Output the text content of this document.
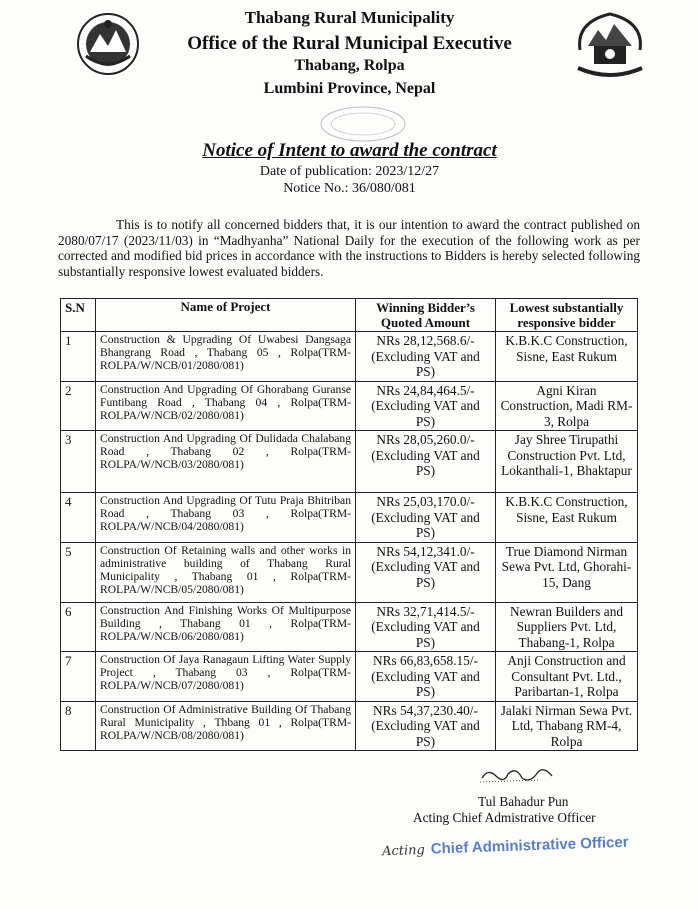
Thabang Rural Municipality
Office of the Rural Municipal Executive
Thabang, Rolpa
Lumbini Province, Nepal
Notice of Intent to award the contract
Date of publication: 2023/12/27
Notice No.: 36/080/081
This is to notify all concerned bidders that, it is our intention to award the contract published on 2080/07/17 (2023/11/03) in “Madhyanha” National Daily for the execution of the following work as per corrected and modified bid prices in accordance with the instructions to Bidders is hereby selected following substantially responsive lowest evaluated bidders.
S.N	Name of Project	Winning Bidder’s Quoted Amount	Lowest substantially responsive bidder
1	Construction & Upgrading Of Uwabesi Dangsaga Bhangrang Road , Thabang 05 , Rolpa(TRM-ROLPA/W/NCB/01/2080/081)	NRs 28,12,568.6/- (Excluding VAT and PS)	K.B.K.C Construction, Sisne, East Rukum
2	Construction And Upgrading Of Ghorabang Guranse Funtibang Road , Thabang 04 , Rolpa(TRM-ROLPA/W/NCB/02/2080/081)	NRs 24,84,464.5/- (Excluding VAT and PS)	Agni Kiran Construction, Madi RM-3, Rolpa
3	Construction And Upgrading Of Dulidada Chalabang Road , Thabang 02 , Rolpa(TRM-ROLPA/W/NCB/03/2080/081)	NRs 28,05,260.0/- (Excluding VAT and PS)	Jay Shree Tirupathi Construction Pvt. Ltd, Lokanthali-1, Bhaktapur
4	Construction And Upgrading Of Tutu Praja Bhitriban Road , Thabang 03 , Rolpa(TRM-ROLPA/W/NCB/04/2080/081)	NRs 25,03,170.0/- (Excluding VAT and PS)	K.B.K.C Construction, Sisne, East Rukum
5	Construction Of Retaining walls and other works in administrative building of Thabang Rural Municipality , Thabang 01 , Rolpa(TRM-ROLPA/W/NCB/05/2080/081)	NRs 54,12,341.0/- (Excluding VAT and PS)	True Diamond Nirman Sewa Pvt. Ltd, Ghorahi-15, Dang
6	Construction And Finishing Works Of Multipurpose Building , Thabang 01 , Rolpa(TRM-ROLPA/W/NCB/06/2080/081)	NRs 32,71,414.5/- (Excluding VAT and PS)	Newran Builders and Suppliers Pvt. Ltd, Thabang-1, Rolpa
7	Construction Of Jaya Ranagaun Lifting Water Supply Project , Thabang 03 , Rolpa(TRM-ROLPA/W/NCB/07/2080/081)	NRs 66,83,658.15/- (Excluding VAT and PS)	Anji Construction and Consultant Pvt. Ltd., Paribartan-1, Rolpa
8	Construction Of Administrative Building Of Thabang Rural Municipality , Thbang 01 , Rolpa(TRM-ROLPA/W/NCB/08/2080/081)	NRs 54,37,230.40/- (Excluding VAT and PS)	Jalaki Nirman Sewa Pvt. Ltd, Thabang RM-4, Rolpa
Tul Bahadur Pun
Acting Chief Admistrative Officer
Acting Chief Administrative Officer
